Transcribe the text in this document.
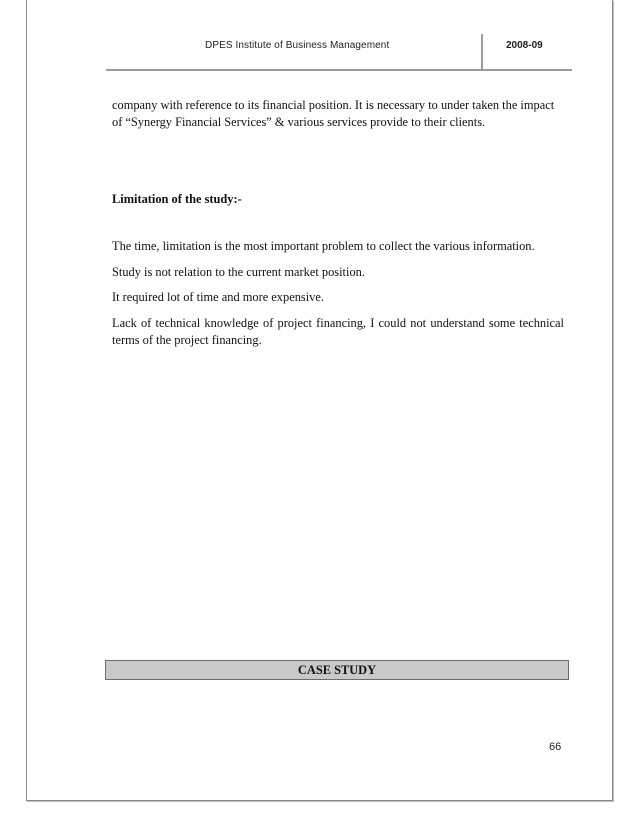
DPES Institute of Business Management	2008-09

company with reference to its financial position. It is necessary to under taken the impact

of “Synergy Financial Services” & various services provide to their clients.

Limitation of the study:-

The time, limitation is the most important problem to collect the various information.

Study is not relation to the current market position.

It required lot of time and more expensive.

Lack of technical knowledge of project financing, I could not understand some technical terms of the project financing.

CASE STUDY
66
